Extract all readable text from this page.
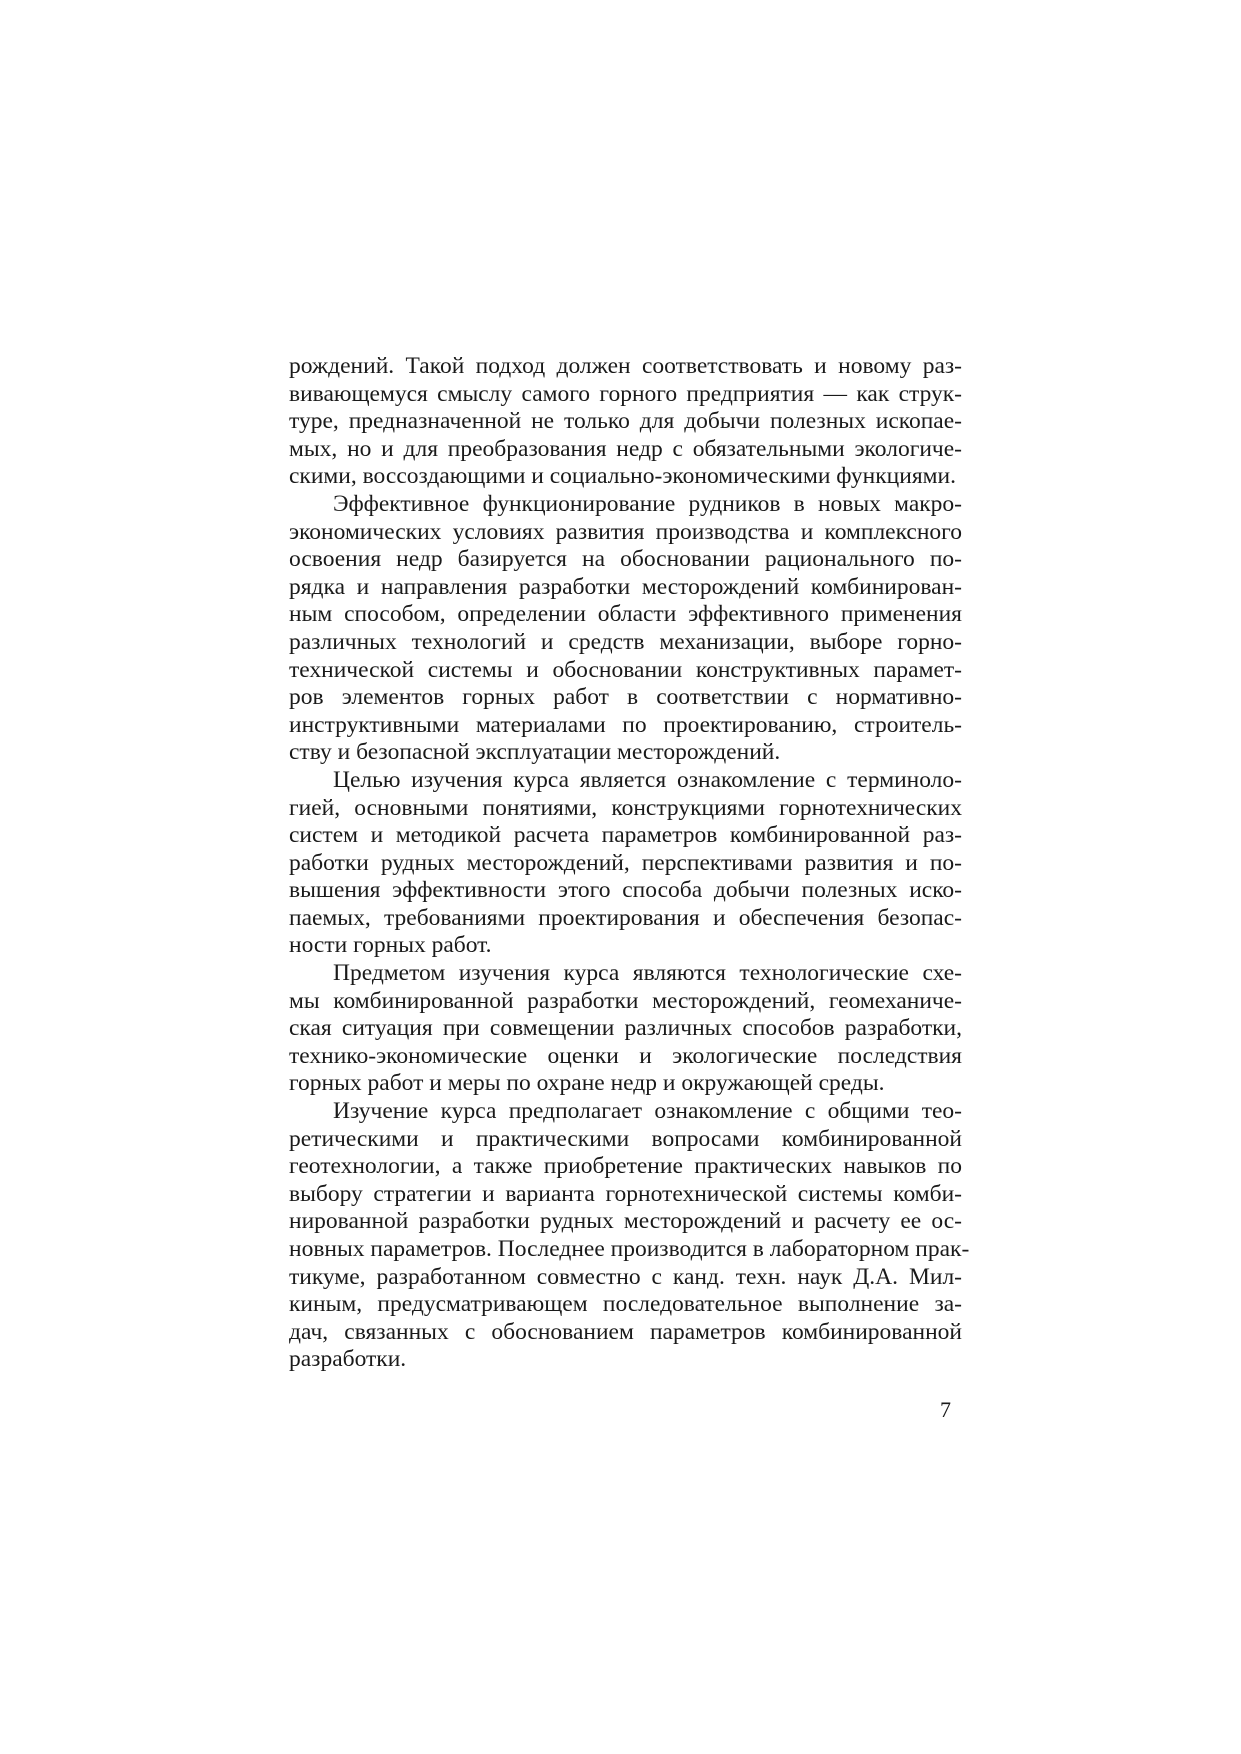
рождений. Такой подход должен соответствовать и новому раз-
вивающемуся смыслу самого горного предприятия — как струк-
туре, предназначенной не только для добычи полезных ископае-
мых, но и для преобразования недр с обязательными экологиче-
скими, воссоздающими и социально-экономическими функциями.
Эффективное функционирование рудников в новых макро-
экономических условиях развития производства и комплексного
освоения недр базируется на обосновании рационального по-
рядка и направления разработки месторождений комбинирован-
ным способом, определении области эффективного применения
различных технологий и средств механизации, выборе горно-
технической системы и обосновании конструктивных парамет-
ров элементов горных работ в соответствии с нормативно-
инструктивными материалами по проектированию, строитель-
ству и безопасной эксплуатации месторождений.
Целью изучения курса является ознакомление с терминоло-
гией, основными понятиями, конструкциями горнотехнических
систем и методикой расчета параметров комбинированной раз-
работки рудных месторождений, перспективами развития и по-
вышения эффективности этого способа добычи полезных иско-
паемых, требованиями проектирования и обеспечения безопас-
ности горных работ.
Предметом изучения курса являются технологические схе-
мы комбинированной разработки месторождений, геомеханиче-
ская ситуация при совмещении различных способов разработки,
технико-экономические оценки и экологические последствия
горных работ и меры по охране недр и окружающей среды.
Изучение курса предполагает ознакомление с общими тео-
ретическими и практическими вопросами комбинированной
геотехнологии, а также приобретение практических навыков по
выбору стратегии и варианта горнотехнической системы комби-
нированной разработки рудных месторождений и расчету ее ос-
новных параметров. Последнее производится в лабораторном прак-
тикуме, разработанном совместно с канд. техн. наук Д.А. Мил-
киным, предусматривающем последовательное выполнение за-
дач, связанных с обоснованием параметров комбинированной
разработки.
7
